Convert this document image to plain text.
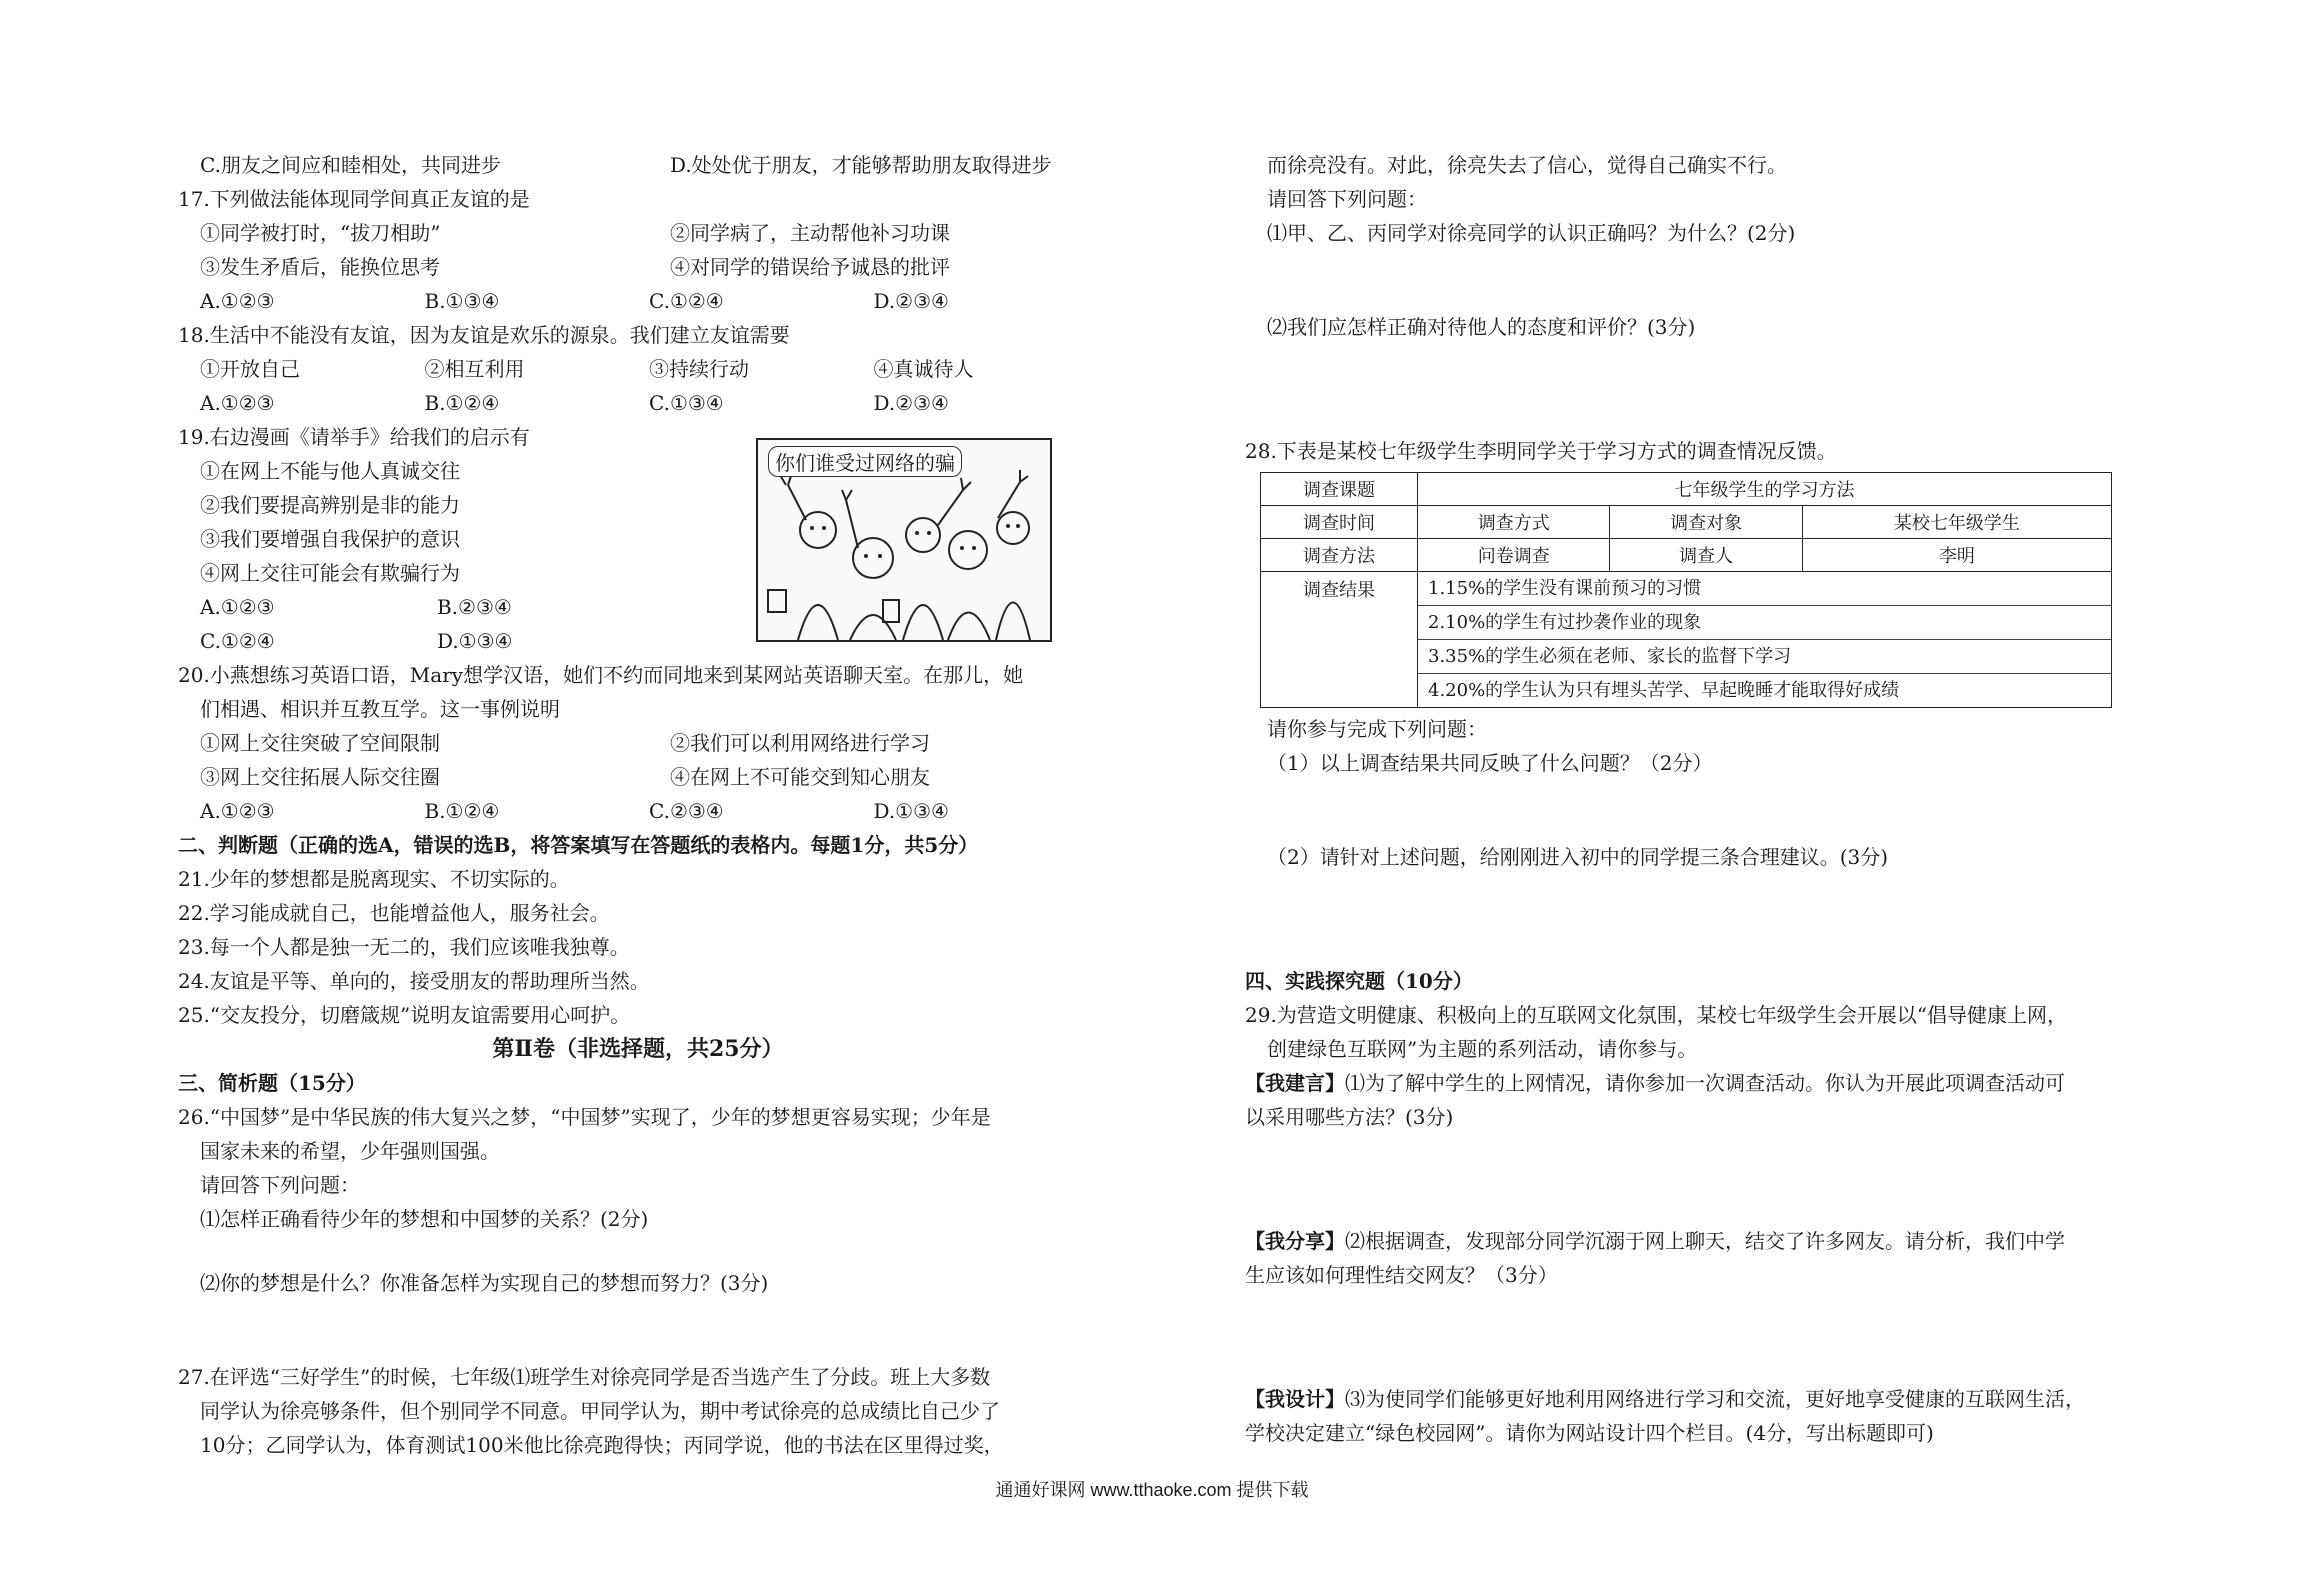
C.朋友之间应和睦相处，共同进步	D.处处优于朋友，才能够帮助朋友取得进步
17.下列做法能体现同学间真正友谊的是
①同学被打时，“拔刀相助”	②同学病了，主动帮他补习功课
③发生矛盾后，能换位思考	④对同学的错误给予诚恳的批评
A.①②③	B.①③④	C.①②④	D.②③④
18.生活中不能没有友谊，因为友谊是欢乐的源泉。我们建立友谊需要
①开放自己	②相互利用	③持续行动	④真诚待人
A.①②③	B.①②④	C.①③④	D.②③④
19.右边漫画《请举手》给我们的启示有
①在网上不能与他人真诚交往
②我们要提高辨别是非的能力
③我们要增强自我保护的意识
④网上交往可能会有欺骗行为
A.①②③	B.②③④
C.①②④	D.①③④
你们谁受过网络的骗
20.小燕想练习英语口语，Mary想学汉语，她们不约而同地来到某网站英语聊天室。在那儿，她
们相遇、相识并互教互学。这一事例说明
①网上交往突破了空间限制	②我们可以利用网络进行学习
③网上交往拓展人际交往圈	④在网上不可能交到知心朋友
A.①②③	B.①②④	C.②③④	D.①③④
二、判断题（正确的选A，错误的选B，将答案填写在答题纸的表格内。每题1分，共5分）
21.少年的梦想都是脱离现实、不切实际的。
22.学习能成就自己，也能增益他人，服务社会。
23.每一个人都是独一无二的，我们应该唯我独尊。
24.友谊是平等、单向的，接受朋友的帮助理所当然。
25.“交友投分，切磨箴规”说明友谊需要用心呵护。
第Ⅱ卷（非选择题，共25分）
三、简析题（15分）
26.“中国梦”是中华民族的伟大复兴之梦，“中国梦”实现了，少年的梦想更容易实现；少年是
国家未来的希望，少年强则国强。
请回答下列问题：
⑴怎样正确看待少年的梦想和中国梦的关系？(2分)
⑵你的梦想是什么？你准备怎样为实现自己的梦想而努力？(3分)
27.在评选“三好学生”的时候，七年级⑴班学生对徐亮同学是否当选产生了分歧。班上大多数
同学认为徐亮够条件，但个别同学不同意。甲同学认为，期中考试徐亮的总成绩比自己少了
10分；乙同学认为，体育测试100米他比徐亮跑得快；丙同学说，他的书法在区里得过奖，
而徐亮没有。对此，徐亮失去了信心，觉得自己确实不行。
请回答下列问题：
⑴甲、乙、丙同学对徐亮同学的认识正确吗？为什么？(2分)
⑵我们应怎样正确对待他人的态度和评价？(3分)
28.下表是某校七年级学生李明同学关于学习方式的调查情况反馈。
调查课题	七年级学生的学习方法		
调查时间	调查方式	调查对象	某校七年级学生
调查方法	问卷调查	调查人	李明
调查结果	1.15%的学生没有课前预习的习惯
2.10%的学生有过抄袭作业的现象
3.35%的学生必须在老师、家长的监督下学习
4.20%的学生认为只有埋头苦学、早起晚睡才能取得好成绩		
请你参与完成下列问题：
（1）以上调查结果共同反映了什么问题？（2分）
（2）请针对上述问题，给刚刚进入初中的同学提三条合理建议。(3分)
四、实践探究题（10分）
29.为营造文明健康、积极向上的互联网文化氛围，某校七年级学生会开展以“倡导健康上网，
创建绿色互联网”为主题的系列活动，请你参与。
【我建言】⑴为了解中学生的上网情况，请你参加一次调查活动。你认为开展此项调查活动可
以采用哪些方法？(3分)
【我分享】⑵根据调查，发现部分同学沉溺于网上聊天，结交了许多网友。请分析，我们中学
生应该如何理性结交网友？（3分）
【我设计】⑶为使同学们能够更好地利用网络进行学习和交流，更好地享受健康的互联网生活，
学校决定建立“绿色校园网”。请你为网站设计四个栏目。(4分，写出标题即可)
通通好课网 www.tthaoke.com 提供下载
